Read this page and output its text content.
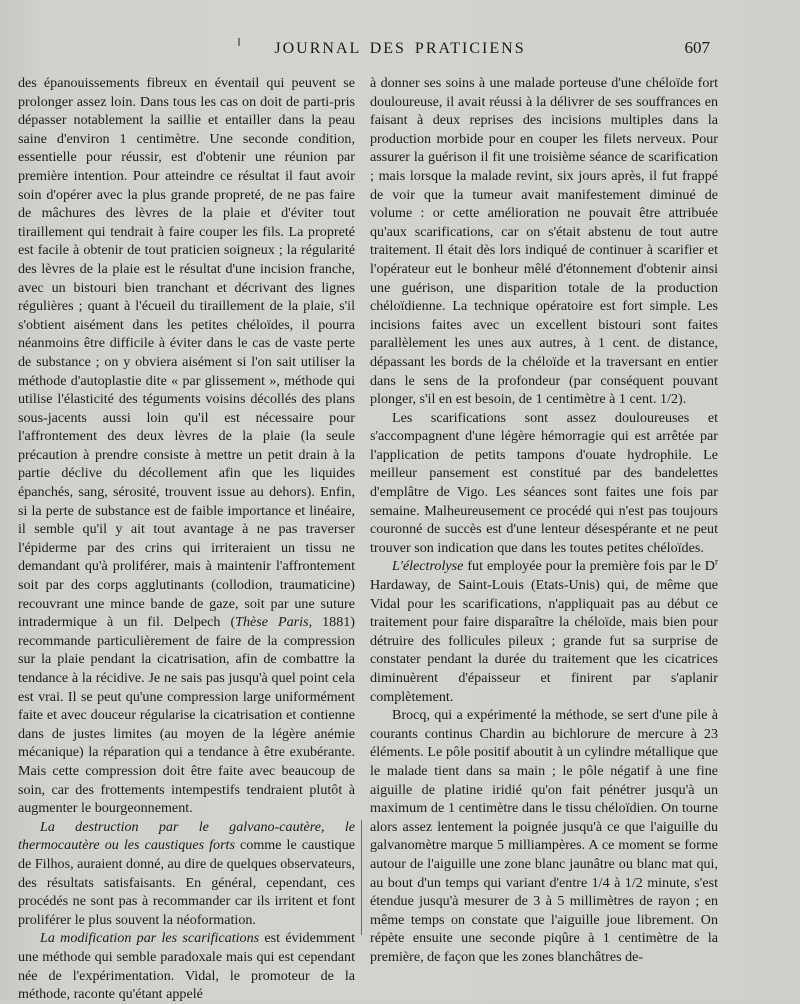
JOURNAL DES PRATICIENS	607

des épanouissements fibreux en éventail qui peuvent se prolonger assez loin. Dans tous les cas on doit de parti-pris dépasser notablement la saillie et entailler dans la peau saine d'environ 1 centimètre. Une seconde condition, essentielle pour réussir, est d'obtenir une réunion par première intention. Pour atteindre ce résultat il faut avoir soin d'opérer avec la plus grande propreté, de ne pas faire de mâchures des lèvres de la plaie et d'éviter tout tiraillement qui tendrait à faire couper les fils. La propreté est facile à obtenir de tout praticien soigneux ; la régularité des lèvres de la plaie est le résultat d'une incision franche, avec un bistouri bien tranchant et décrivant des lignes régulières ; quant à l'écueil du tiraillement de la plaie, s'il s'obtient aisément dans les petites chéloïdes, il pourra néanmoins être difficile à éviter dans le cas de vaste perte de substance ; on y obviera aisément si l'on sait utiliser la méthode d'autoplastie dite « par glissement », méthode qui utilise l'élasticité des téguments voisins décollés des plans sous-jacents aussi loin qu'il est nécessaire pour l'affrontement des deux lèvres de la plaie (la seule précaution à prendre consiste à mettre un petit drain à la partie déclive du décollement afin que les liquides épanchés, sang, sérosité, trouvent issue au dehors). Enfin, si la perte de substance est de faible importance et linéaire, il semble qu'il y ait tout avantage à ne pas traverser l'épiderme par des crins qui irriteraient un tissu ne demandant qu'à proliférer, mais à maintenir l'affrontement soit par des corps agglutinants (collodion, traumaticine) recouvrant une mince bande de gaze, soit par une suture intradermique à un fil. Delpech (Thèse Paris, 1881) recommande particulièrement de faire de la compression sur la plaie pendant la cicatrisation, afin de combattre la tendance à la récidive. Je ne sais pas jusqu'à quel point cela est vrai. Il se peut qu'une compression large uniformément faite et avec douceur régularise la cicatrisation et contienne dans de justes limites (au moyen de la légère anémie mécanique) la réparation qui a tendance à être exubérante. Mais cette compression doit être faite avec beaucoup de soin, car des frottements intempestifs tendraient plutôt à augmenter le bourgeonnement.

La destruction par le galvano-cautère, le thermocautère ou les caustiques forts comme le caustique de Filhos, auraient donné, au dire de quelques observateurs, des résultats satisfaisants. En général, cependant, ces procédés ne sont pas à recommander car ils irritent et font proliférer le plus souvent la néoformation.

La modification par les scarifications est évidemment une méthode qui semble paradoxale mais qui est cependant née de l'expérimentation. Vidal, le promoteur de la méthode, raconte qu'étant appelé

à donner ses soins à une malade porteuse d'une chéloïde fort douloureuse, il avait réussi à la délivrer de ses souffrances en faisant à deux reprises des incisions multiples dans la production morbide pour en couper les filets nerveux. Pour assurer la guérison il fit une troisième séance de scarification ; mais lorsque la malade revint, six jours après, il fut frappé de voir que la tumeur avait manifestement diminué de volume : or cette amélioration ne pouvait être attribuée qu'aux scarifications, car on s'était abstenu de tout autre traitement. Il était dès lors indiqué de continuer à scarifier et l'opérateur eut le bonheur mêlé d'étonnement d'obtenir ainsi une guérison, une disparition totale de la production chéloïdienne. La technique opératoire est fort simple. Les incisions faites avec un excellent bistouri sont faites parallèlement les unes aux autres, à 1 cent. de distance, dépassant les bords de la chéloïde et la traversant en entier dans le sens de la profondeur (par conséquent pouvant plonger, s'il en est besoin, de 1 centimètre à 1 cent. 1/2).

Les scarifications sont assez douloureuses et s'accompagnent d'une légère hémorragie qui est arrêtée par l'application de petits tampons d'ouate hydrophile. Le meilleur pansement est constitué par des bandelettes d'emplâtre de Vigo. Les séances sont faites une fois par semaine. Malheureusement ce procédé qui n'est pas toujours couronné de succès est d'une lenteur désespérante et ne peut trouver son indication que dans les toutes petites chéloïdes.

L'électrolyse fut employée pour la première fois par le $D^r$ Hardaway, de Saint-Louis (Etats-Unis) qui, de même que Vidal pour les scarifications, n'appliquait pas au début ce traitement pour faire disparaître la chéloïde, mais bien pour détruire des follicules pileux ; grande fut sa surprise de constater pendant la durée du traitement que les cicatrices diminuèrent d'épaisseur et finirent par s'aplanir complètement.

Brocq, qui a expérimenté la méthode, se sert d'une pile à courants continus Chardin au bichlorure de mercure à 23 éléments. Le pôle positif aboutit à un cylindre métallique que le malade tient dans sa main ; le pôle négatif à une fine aiguille de platine iridié qu'on fait pénétrer jusqu'à un maximum de 1 centimètre dans le tissu chéloïdien. On tourne alors assez lentement la poignée jusqu'à ce que l'aiguille du galvanomètre marque 5 milliampères. A ce moment se forme autour de l'aiguille une zone blanc jaunâtre ou blanc mat qui, au bout d'un temps qui variant d'entre 1/4 à 1/2 minute, s'est étendue jusqu'à mesurer de 3 à 5 millimètres de rayon ; en même temps on constate que l'aiguille joue librement. On répète ensuite une seconde piqûre à 1 centimètre de la première, de façon que les zones blanchâtres de-
